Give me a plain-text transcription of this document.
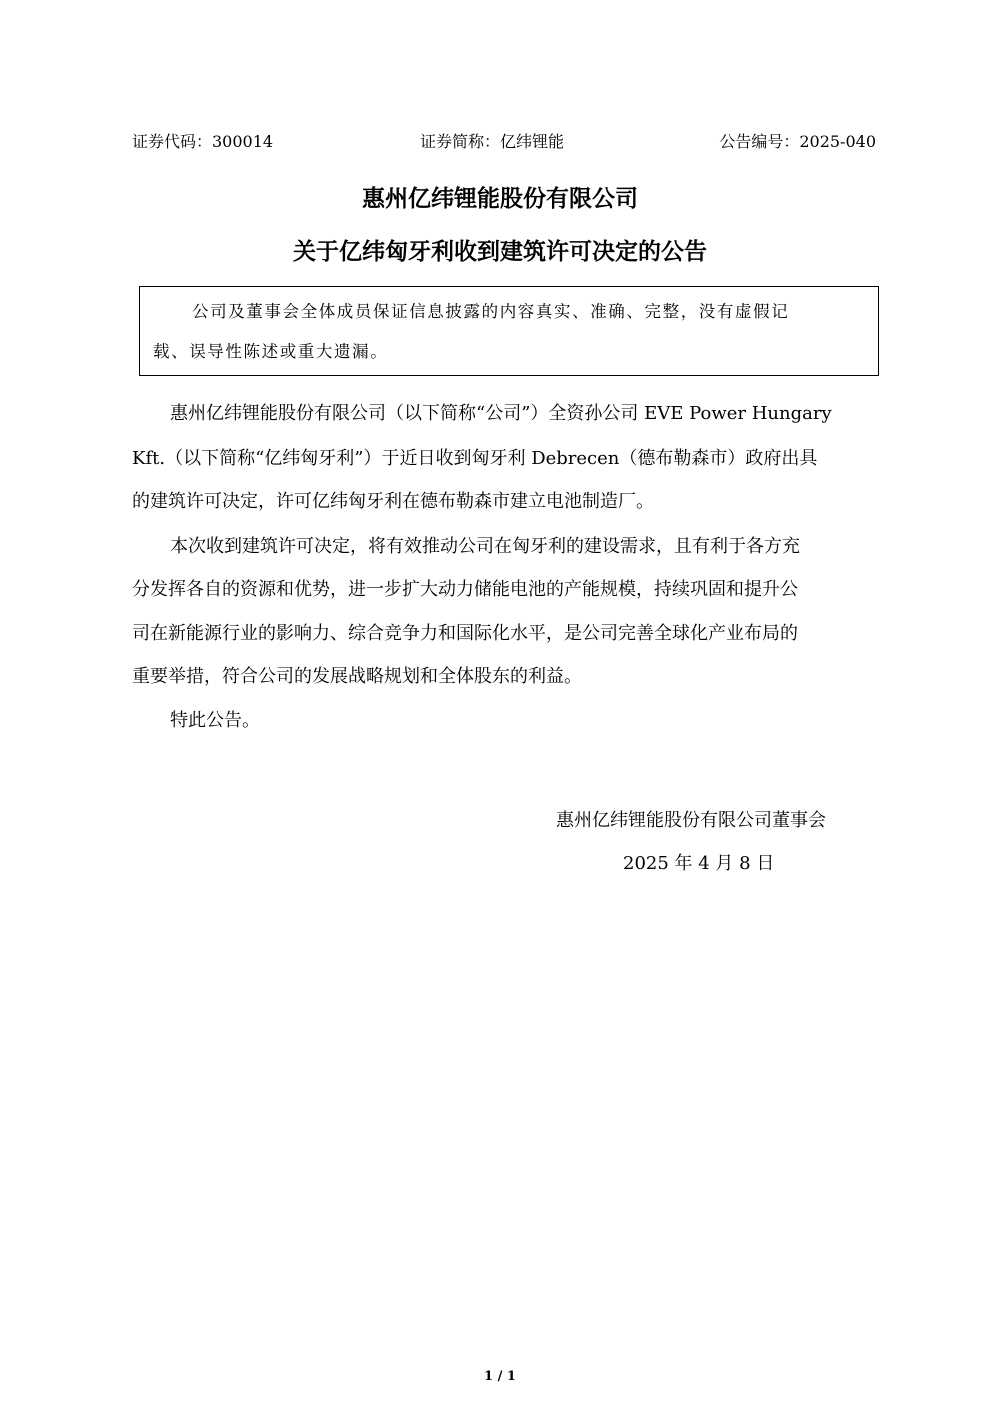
证券代码：300014	证券简称：亿纬锂能	公告编号：2025-040
惠州亿纬锂能股份有限公司
关于亿纬匈牙利收到建筑许可决定的公告
公司及董事会全体成员保证信息披露的内容真实、准确、完整，没有虚假记
载、误导性陈述或重大遗漏。
惠州亿纬锂能股份有限公司（以下简称“公司”）全资孙公司 EVE Power Hungary
Kft.（以下简称“亿纬匈牙利”）于近日收到匈牙利 Debrecen（德布勒森市）政府出具
的建筑许可决定，许可亿纬匈牙利在德布勒森市建立电池制造厂。
本次收到建筑许可决定，将有效推动公司在匈牙利的建设需求，且有利于各方充
分发挥各自的资源和优势，进一步扩大动力储能电池的产能规模，持续巩固和提升公
司在新能源行业的影响力、综合竞争力和国际化水平，是公司完善全球化产业布局的
重要举措，符合公司的发展战略规划和全体股东的利益。
特此公告。
惠州亿纬锂能股份有限公司董事会
2025 年 4 月 8 日
1 / 1
